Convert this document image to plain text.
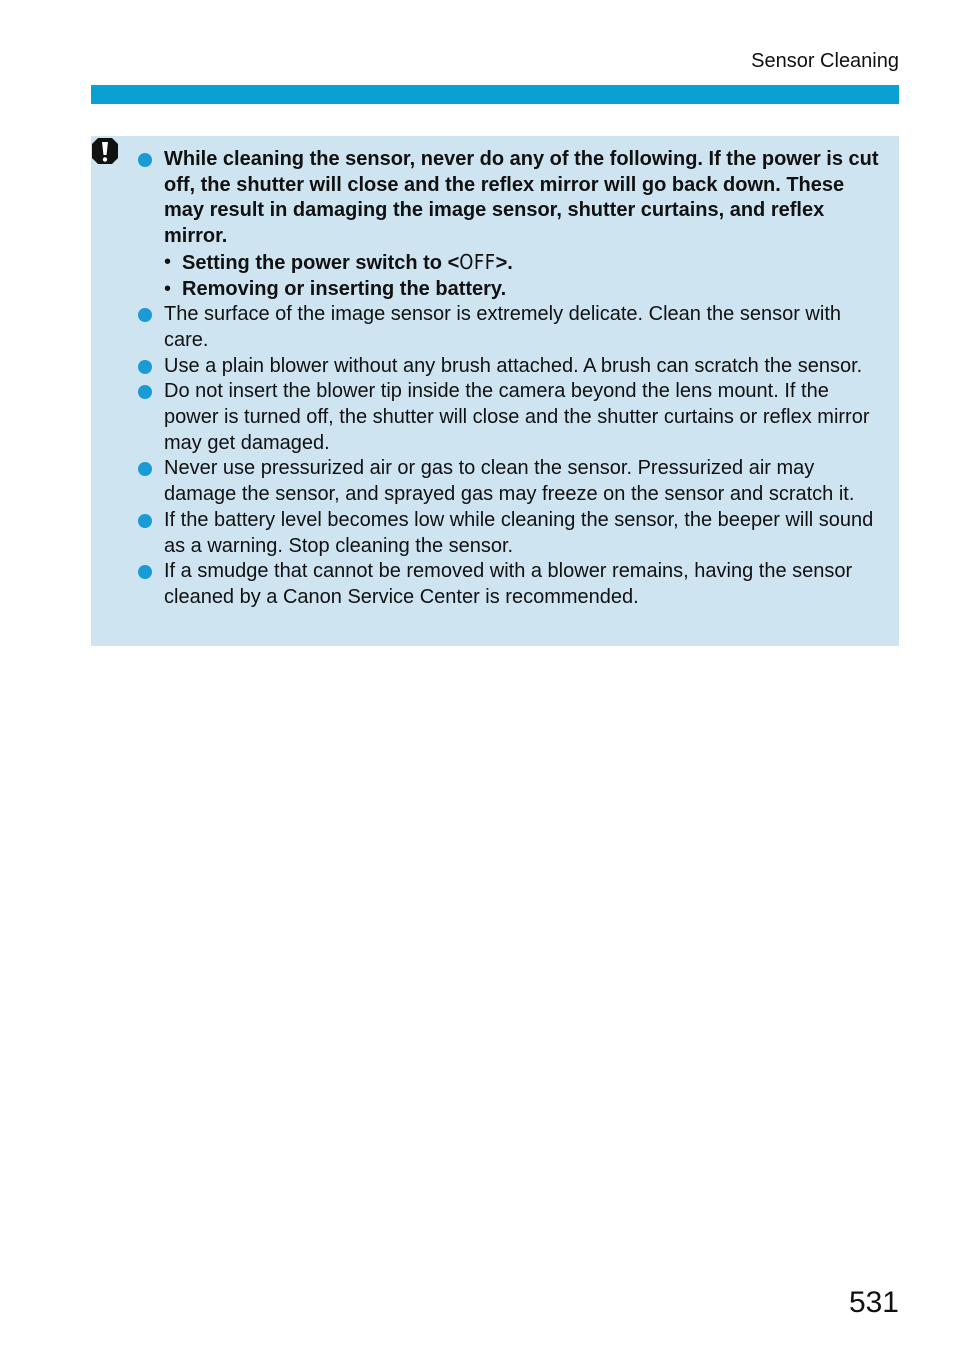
Sensor Cleaning
While cleaning the sensor, never do any of the following. If the power is cut off, the shutter will close and the reflex mirror will go back down. These may result in damaging the image sensor, shutter curtains, and reflex mirror.
• Setting the power switch to <OFF>.
• Removing or inserting the battery.
The surface of the image sensor is extremely delicate. Clean the sensor with care.
Use a plain blower without any brush attached. A brush can scratch the sensor.
Do not insert the blower tip inside the camera beyond the lens mount. If the power is turned off, the shutter will close and the shutter curtains or reflex mirror may get damaged.
Never use pressurized air or gas to clean the sensor. Pressurized air may damage the sensor, and sprayed gas may freeze on the sensor and scratch it.
If the battery level becomes low while cleaning the sensor, the beeper will sound as a warning. Stop cleaning the sensor.
If a smudge that cannot be removed with a blower remains, having the sensor cleaned by a Canon Service Center is recommended.
531
